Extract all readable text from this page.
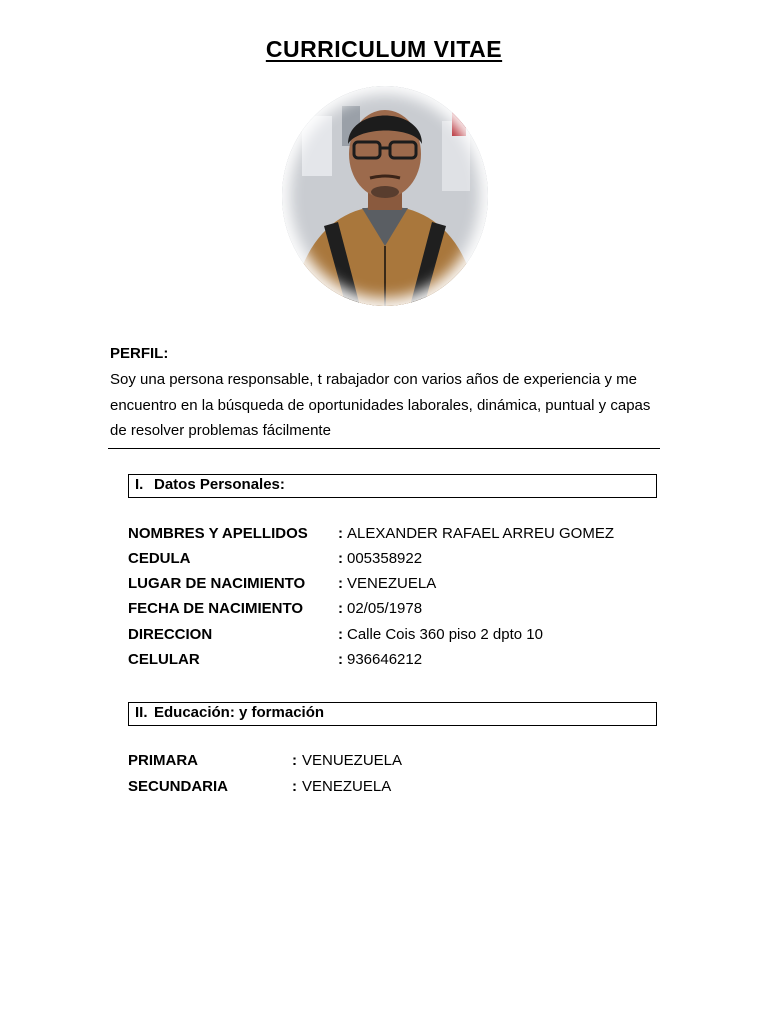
CURRICULUM VITAE
PERFIL:
Soy una persona responsable, t rabajador con varios años de experiencia y me encuentro en la búsqueda de oportunidades laborales, dinámica, puntual y capas de resolver problemas fácilmente
I. Datos Personales:
NOMBRES Y APELLIDOS : ALEXANDER RAFAEL ARREU GOMEZ
CEDULA	: 005358922
LUGAR DE NACIMIENTO : VENEZUELA
FECHA DE NACIMIENTO : 02/05/1978
DIRECCION	: Calle Cois 360 piso 2 dpto 10
CELULAR	: 936646212
II. Educación: y formación
PRIMARA	: VENUEZUELA
SECUNDARIA	: VENEZUELA
